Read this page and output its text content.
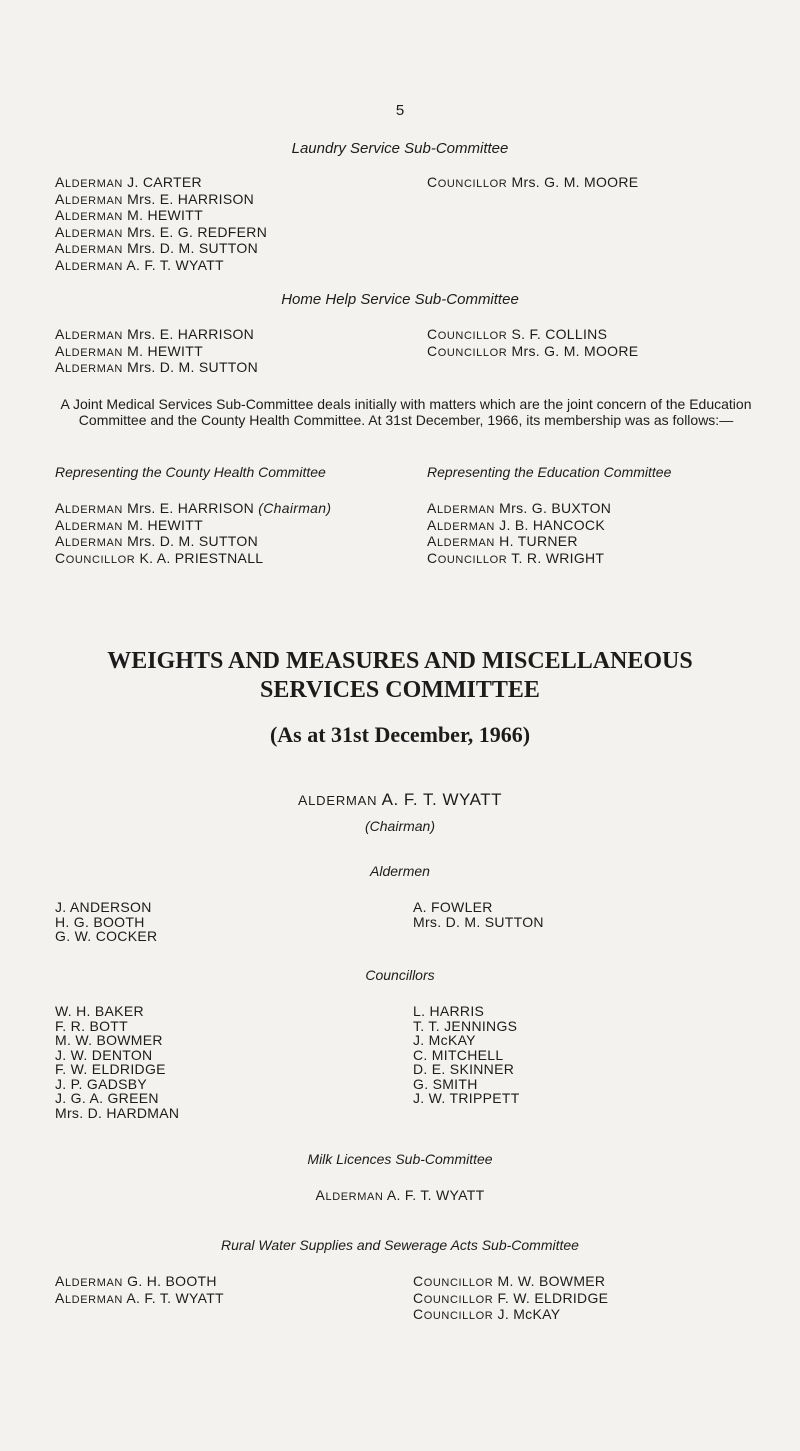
5
Laundry Service Sub-Committee
ALDERMAN J. CARTER
ALDERMAN Mrs. E. HARRISON
ALDERMAN M. HEWITT
ALDERMAN Mrs. E. G. REDFERN
ALDERMAN Mrs. D. M. SUTTON
ALDERMAN A. F. T. WYATT
COUNCILLOR Mrs. G. M. MOORE
Home Help Service Sub-Committee
ALDERMAN Mrs. E. HARRISON
ALDERMAN M. HEWITT
ALDERMAN Mrs. D. M. SUTTON
COUNCILLOR S. F. COLLINS
COUNCILLOR Mrs. G. M. MOORE

A Joint Medical Services Sub-Committee deals initially with matters which are the joint concern of the Education Committee and the County Health Committee. At 31st December, 1966, its membership was as follows:—

Representing the County Health Committee	Representing the Education Committee
ALDERMAN Mrs. E. HARRISON (Chairman)
ALDERMAN M. HEWITT
ALDERMAN Mrs. D. M. SUTTON
COUNCILLOR K. A. PRIESTNALL
ALDERMAN Mrs. G. BUXTON
ALDERMAN J. B. HANCOCK
ALDERMAN H. TURNER
COUNCILLOR T. R. WRIGHT
WEIGHTS AND MEASURES AND MISCELLANEOUS
SERVICES COMMITTEE
(As at 31st December, 1966)
ALDERMAN A. F. T. WYATT
(Chairman)
Aldermen
J. ANDERSON
H. G. BOOTH
G. W. COCKER
A. FOWLER
Mrs. D. M. SUTTON
Councillors
W. H. BAKER
F. R. BOTT
M. W. BOWMER
J. W. DENTON
F. W. ELDRIDGE
J. P. GADSBY
J. G. A. GREEN
Mrs. D. HARDMAN
L. HARRIS
T. T. JENNINGS
J. McKAY
C. MITCHELL
D. E. SKINNER
G. SMITH
J. W. TRIPPETT
Milk Licences Sub-Committee
ALDERMAN A. F. T. WYATT
Rural Water Supplies and Sewerage Acts Sub-Committee
ALDERMAN G. H. BOOTH
ALDERMAN A. F. T. WYATT
COUNCILLOR M. W. BOWMER
COUNCILLOR F. W. ELDRIDGE
COUNCILLOR J. McKAY
